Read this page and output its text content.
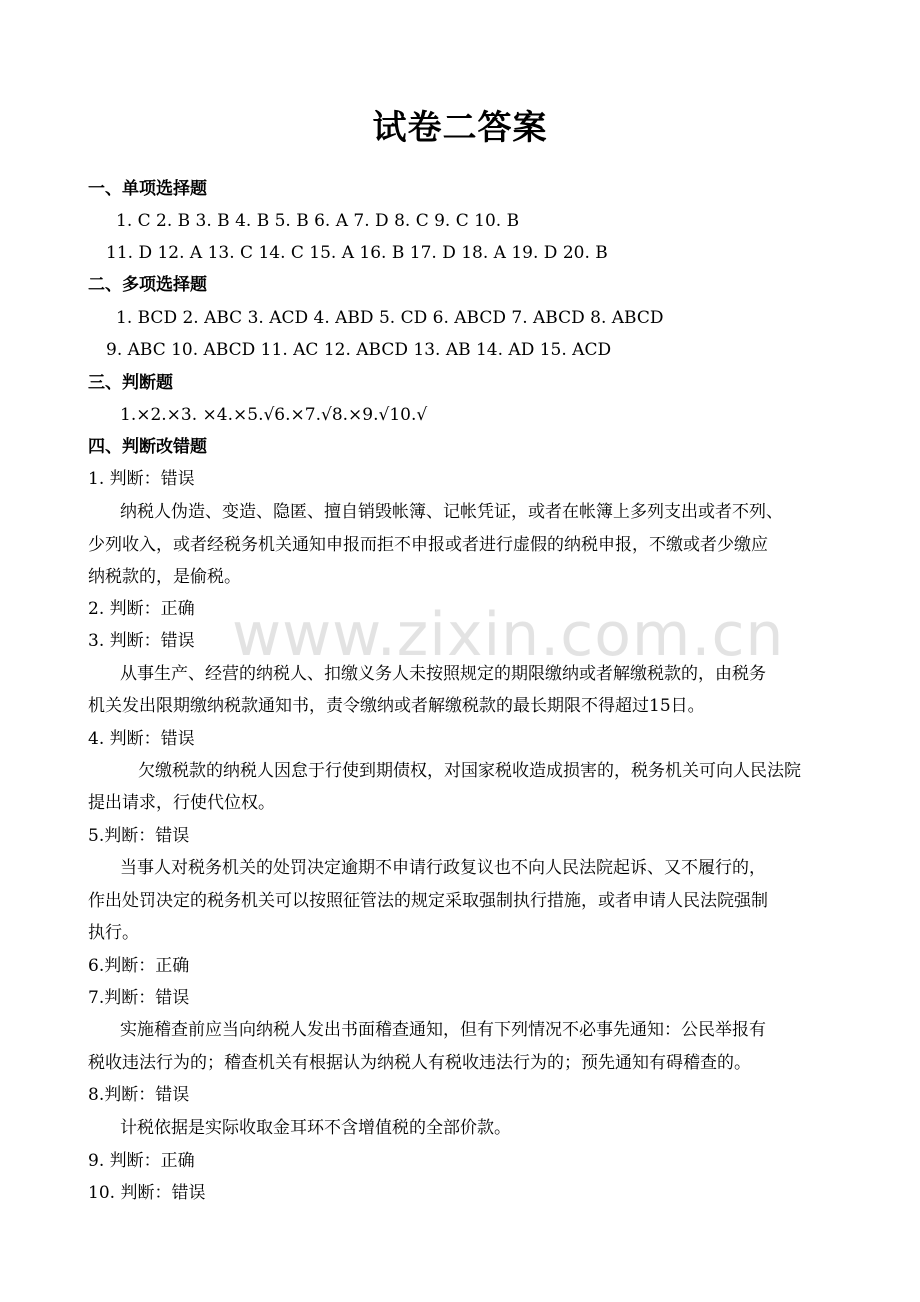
www.zixin.com.cn
试卷二答案
一、单项选择题
1. C 2. B 3. B 4. B 5. B 6. A 7. D 8. C 9. C 10. B
11. D 12. A 13. C 14. C 15. A 16. B 17. D 18. A 19. D 20. B
二、多项选择题
1. BCD 2. ABC 3. ACD 4. ABD 5. CD 6. ABCD 7. ABCD 8. ABCD
9. ABC 10. ABCD 11. AC 12. ABCD 13. AB 14. AD 15. ACD
三、判断题
1.×2.×3. ×4.×5.√6.×7.√8.×9.√10.√
四、判断改错题
1. 判断：错误
纳税人伪造、变造、隐匿、擅自销毁帐簿、记帐凭证，或者在帐簿上多列支出或者不列、
少列收入，或者经税务机关通知申报而拒不申报或者进行虚假的纳税申报，不缴或者少缴应
纳税款的，是偷税。
2. 判断：正确
3. 判断：错误
从事生产、经营的纳税人、扣缴义务人未按照规定的期限缴纳或者解缴税款的，由税务
机关发出限期缴纳税款通知书，责令缴纳或者解缴税款的最长期限不得超过15日。
4. 判断：错误
欠缴税款的纳税人因怠于行使到期债权，对国家税收造成损害的，税务机关可向人民法院
提出请求，行使代位权。
5.判断：错误
当事人对税务机关的处罚决定逾期不申请行政复议也不向人民法院起诉、又不履行的，
作出处罚决定的税务机关可以按照征管法的规定采取强制执行措施，或者申请人民法院强制
执行。
6.判断：正确
7.判断：错误
实施稽查前应当向纳税人发出书面稽查通知，但有下列情况不必事先通知：公民举报有
税收违法行为的；稽查机关有根据认为纳税人有税收违法行为的；预先通知有碍稽查的。
8.判断：错误
计税依据是实际收取金耳环不含增值税的全部价款。
9. 判断：正确
10. 判断：错误
